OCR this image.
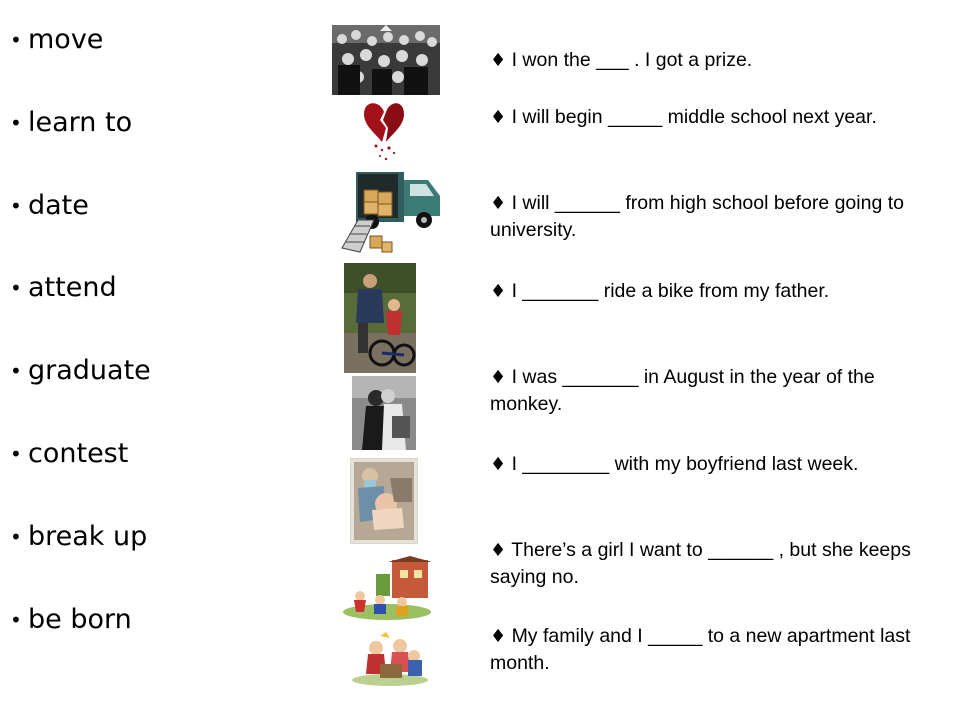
• move
• learn to
• date
• attend
• graduate
• contest
• break up
• be born
♦ I won the ___ . I got a prize.
♦ I will begin _____ middle school next year.
♦ I will ______ from high school before going to university.
♦ I _______ ride a bike from my father.
♦ I was _______ in August in the year of the monkey.
♦ I ________ with my boyfriend last week.
♦ There’s a girl I want to ______ , but she keeps saying no.
♦ My family and I _____ to a new apartment last month.
